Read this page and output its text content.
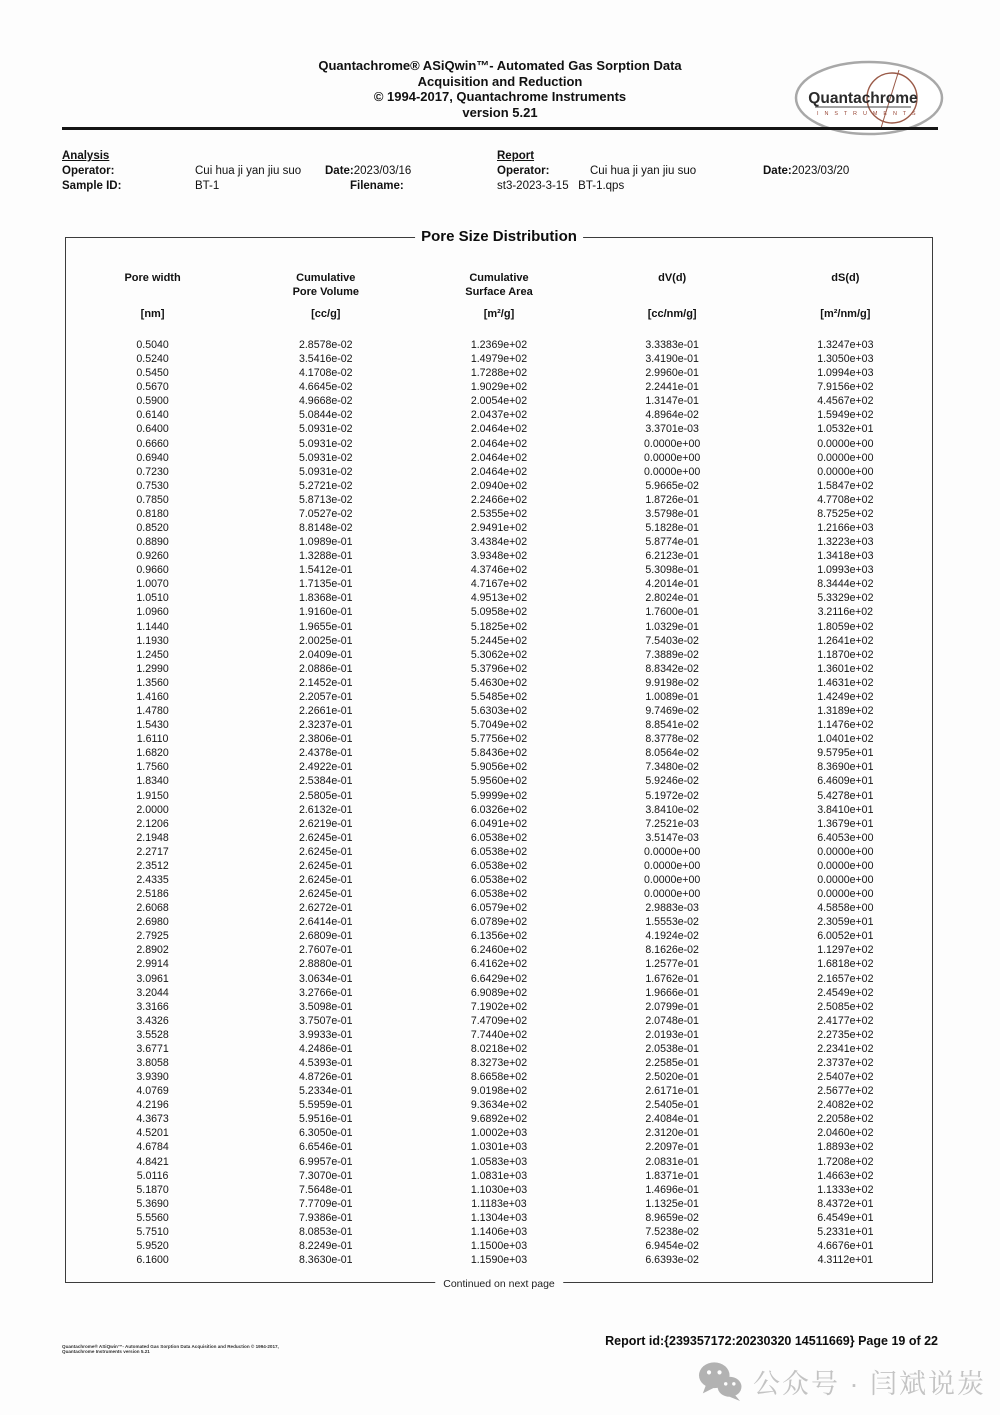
Quantachrome® ASiQwin™- Automated Gas Sorption Data
Acquisition and Reduction
© 1994-2017, Quantachrome Instruments
version 5.21
Quantachrome
I N S T R U M E N T S
Analysis

Operator:

	Cui hua ji yan jiu suo

Date:2023/03/16

Sample ID:

	BT-1

	Filename:

Report

Operator:

	Cui hua ji yan jiu suo

	Date:2023/03/20

st3-2023-3-15   BT-1.qps

Pore Size Distribution
Pore width

[nm]
Cumulative
Pore Volume
[cc/g]
Cumulative
Surface Area
[m²/g]
dV(d)

[cc/nm/g]
dS(d)

[m²/nm/g]
0.5040	2.8578e-02	1.2369e+02	3.3383e-01	1.3247e+03
0.5240	3.5416e-02	1.4979e+02	3.4190e-01	1.3050e+03
0.5450	4.1708e-02	1.7288e+02	2.9960e-01	1.0994e+03
0.5670	4.6645e-02	1.9029e+02	2.2441e-01	7.9156e+02
0.5900	4.9668e-02	2.0054e+02	1.3147e-01	4.4567e+02
0.6140	5.0844e-02	2.0437e+02	4.8964e-02	1.5949e+02
0.6400	5.0931e-02	2.0464e+02	3.3701e-03	1.0532e+01
0.6660	5.0931e-02	2.0464e+02	0.0000e+00	0.0000e+00
0.6940	5.0931e-02	2.0464e+02	0.0000e+00	0.0000e+00
0.7230	5.0931e-02	2.0464e+02	0.0000e+00	0.0000e+00
0.7530	5.2721e-02	2.0940e+02	5.9665e-02	1.5847e+02
0.7850	5.8713e-02	2.2466e+02	1.8726e-01	4.7708e+02
0.8180	7.0527e-02	2.5355e+02	3.5798e-01	8.7525e+02
0.8520	8.8148e-02	2.9491e+02	5.1828e-01	1.2166e+03
0.8890	1.0989e-01	3.4384e+02	5.8774e-01	1.3223e+03
0.9260	1.3288e-01	3.9348e+02	6.2123e-01	1.3418e+03
0.9660	1.5412e-01	4.3746e+02	5.3098e-01	1.0993e+03
1.0070	1.7135e-01	4.7167e+02	4.2014e-01	8.3444e+02
1.0510	1.8368e-01	4.9513e+02	2.8024e-01	5.3329e+02
1.0960	1.9160e-01	5.0958e+02	1.7600e-01	3.2116e+02
1.1440	1.9655e-01	5.1825e+02	1.0329e-01	1.8059e+02
1.1930	2.0025e-01	5.2445e+02	7.5403e-02	1.2641e+02
1.2450	2.0409e-01	5.3062e+02	7.3889e-02	1.1870e+02
1.2990	2.0886e-01	5.3796e+02	8.8342e-02	1.3601e+02
1.3560	2.1452e-01	5.4630e+02	9.9198e-02	1.4631e+02
1.4160	2.2057e-01	5.5485e+02	1.0089e-01	1.4249e+02
1.4780	2.2661e-01	5.6303e+02	9.7469e-02	1.3189e+02
1.5430	2.3237e-01	5.7049e+02	8.8541e-02	1.1476e+02
1.6110	2.3806e-01	5.7756e+02	8.3778e-02	1.0401e+02
1.6820	2.4378e-01	5.8436e+02	8.0564e-02	9.5795e+01
1.7560	2.4922e-01	5.9056e+02	7.3480e-02	8.3690e+01
1.8340	2.5384e-01	5.9560e+02	5.9246e-02	6.4609e+01
1.9150	2.5805e-01	5.9999e+02	5.1972e-02	5.4278e+01
2.0000	2.6132e-01	6.0326e+02	3.8410e-02	3.8410e+01
2.1206	2.6219e-01	6.0491e+02	7.2521e-03	1.3679e+01
2.1948	2.6245e-01	6.0538e+02	3.5147e-03	6.4053e+00
2.2717	2.6245e-01	6.0538e+02	0.0000e+00	0.0000e+00
2.3512	2.6245e-01	6.0538e+02	0.0000e+00	0.0000e+00
2.4335	2.6245e-01	6.0538e+02	0.0000e+00	0.0000e+00
2.5186	2.6245e-01	6.0538e+02	0.0000e+00	0.0000e+00
2.6068	2.6272e-01	6.0579e+02	2.9883e-03	4.5858e+00
2.6980	2.6414e-01	6.0789e+02	1.5553e-02	2.3059e+01
2.7925	2.6809e-01	6.1356e+02	4.1924e-02	6.0052e+01
2.8902	2.7607e-01	6.2460e+02	8.1626e-02	1.1297e+02
2.9914	2.8880e-01	6.4162e+02	1.2577e-01	1.6818e+02
3.0961	3.0634e-01	6.6429e+02	1.6762e-01	2.1657e+02
3.2044	3.2766e-01	6.9089e+02	1.9666e-01	2.4549e+02
3.3166	3.5098e-01	7.1902e+02	2.0799e-01	2.5085e+02
3.4326	3.7507e-01	7.4709e+02	2.0748e-01	2.4177e+02
3.5528	3.9933e-01	7.7440e+02	2.0193e-01	2.2735e+02
3.6771	4.2486e-01	8.0218e+02	2.0538e-01	2.2341e+02
3.8058	4.5393e-01	8.3273e+02	2.2585e-01	2.3737e+02
3.9390	4.8726e-01	8.6658e+02	2.5020e-01	2.5407e+02
4.0769	5.2334e-01	9.0198e+02	2.6171e-01	2.5677e+02
4.2196	5.5959e-01	9.3634e+02	2.5405e-01	2.4082e+02
4.3673	5.9516e-01	9.6892e+02	2.4084e-01	2.2058e+02
4.5201	6.3050e-01	1.0002e+03	2.3120e-01	2.0460e+02
4.6784	6.6546e-01	1.0301e+03	2.2097e-01	1.8893e+02
4.8421	6.9957e-01	1.0583e+03	2.0831e-01	1.7208e+02
5.0116	7.3070e-01	1.0831e+03	1.8371e-01	1.4663e+02
5.1870	7.5648e-01	1.1030e+03	1.4696e-01	1.1333e+02
5.3690	7.7709e-01	1.1183e+03	1.1325e-01	8.4372e+01
5.5560	7.9386e-01	1.1304e+03	8.9659e-02	6.4549e+01
5.7510	8.0853e-01	1.1406e+03	7.5238e-02	5.2331e+01
5.9520	8.2249e-01	1.1500e+03	6.9454e-02	4.6676e+01
6.1600	8.3630e-01	1.1590e+03	6.6393e-02	4.3112e+01
Continued on next page
Quantachrome® ASiQwin™- Automated Gas Sorption Data Acquisition and Reduction © 1994-2017, Quantachrome Instruments version 5.21
Report id:{239357172:20230320 14511669} Page 19 of 22
公众号 · 闫斌说炭
